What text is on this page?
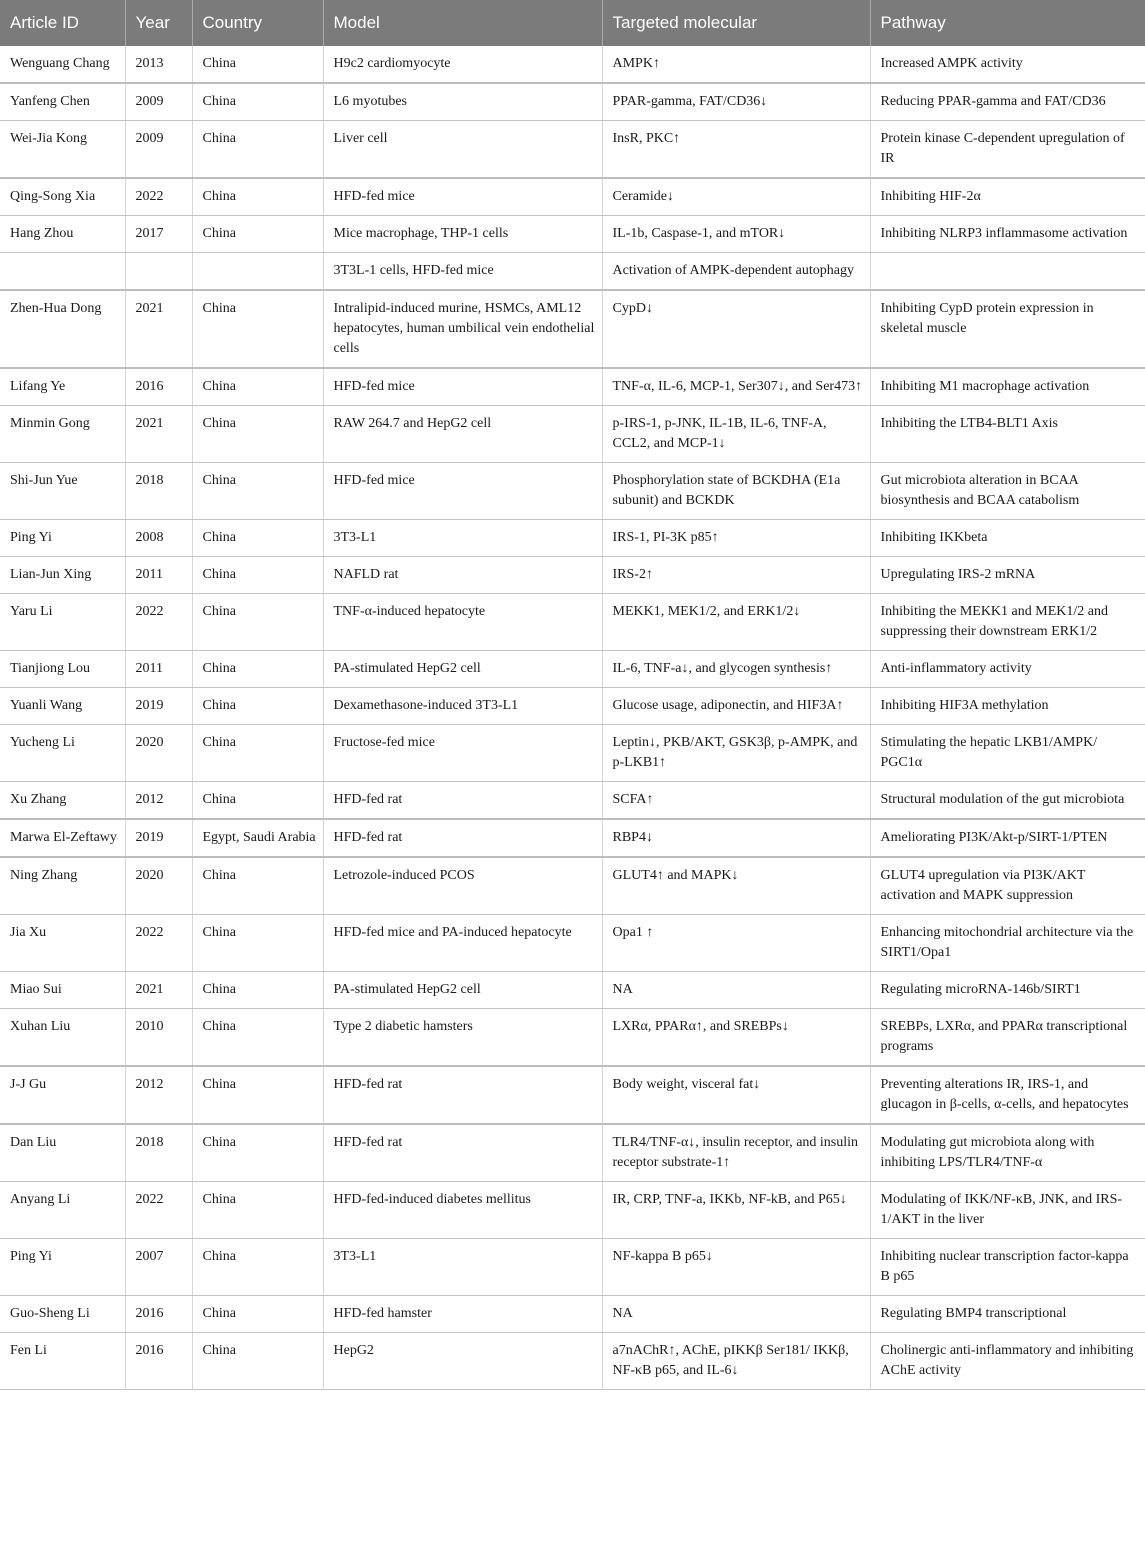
Article ID	Year	Country	Model	Targeted molecular	Pathway
Wenguang Chang	2013	China	H9c2 cardiomyocyte	AMPK↑	Increased AMPK activity
Yanfeng Chen	2009	China	L6 myotubes	PPAR-gamma, FAT/CD36↓	Reducing PPAR-gamma and FAT/CD36
Wei-Jia Kong	2009	China	Liver cell	InsR, PKC↑	Protein kinase C-dependent upregulation of IR
Qing-Song Xia	2022	China	HFD-fed mice	Ceramide↓	Inhibiting HIF-2α
Hang Zhou	2017	China	Mice macrophage, THP-1 cells	IL-1b, Caspase-1, and mTOR↓	Inhibiting NLRP3 inflammasome activation
			3T3L-1 cells, HFD-fed mice	Activation of AMPK-dependent autophagy	
Zhen-Hua Dong	2021	China	Intralipid-induced murine, HSMCs, AML12 hepatocytes, human umbilical vein endothelial cells	CypD↓	Inhibiting CypD protein expression in skeletal muscle
Lifang Ye	2016	China	HFD-fed mice	TNF-α, IL-6, MCP-1, Ser307↓, and Ser473↑	Inhibiting M1 macrophage activation
Minmin Gong	2021	China	RAW 264.7 and HepG2 cell	p-IRS-1, p-JNK, IL-1B, IL-6, TNF-A, CCL2, and MCP-1↓	Inhibiting the LTB4-BLT1 Axis
Shi-Jun Yue	2018	China	HFD-fed mice	Phosphorylation state of BCKDHA (E1a subunit) and BCKDK	Gut microbiota alteration in BCAA biosynthesis and BCAA catabolism
Ping Yi	2008	China	3T3-L1	IRS-1, PI-3K p85↑	Inhibiting IKKbeta
Lian-Jun Xing	2011	China	NAFLD rat	IRS-2↑	Upregulating IRS-2 mRNA
Yaru Li	2022	China	TNF-α-induced hepatocyte	MEKK1, MEK1/2, and ERK1/2↓	Inhibiting the MEKK1 and MEK1/2 and suppressing their downstream ERK1/2
Tianjiong Lou	2011	China	PA-stimulated HepG2 cell	IL-6, TNF-a↓, and glycogen synthesis↑	Anti-inflammatory activity
Yuanli Wang	2019	China	Dexamethasone-induced 3T3-L1	Glucose usage, adiponectin, and HIF3A↑	Inhibiting HIF3A methylation
Yucheng Li	2020	China	Fructose-fed mice	Leptin↓, PKB/AKT, GSK3β, p-AMPK, and p-LKB1↑	Stimulating the hepatic LKB1/AMPK/ PGC1α
Xu Zhang	2012	China	HFD-fed rat	SCFA↑	Structural modulation of the gut microbiota
Marwa El-Zeftawy	2019	Egypt, Saudi Arabia	HFD-fed rat	RBP4↓	Ameliorating PI3K/Akt-p/SIRT-1/PTEN
Ning Zhang	2020	China	Letrozole-induced PCOS	GLUT4↑ and MAPK↓	GLUT4 upregulation via PI3K/AKT activation and MAPK suppression
Jia Xu	2022	China	HFD-fed mice and PA-induced hepatocyte	Opa1 ↑	Enhancing mitochondrial architecture via the SIRT1/Opa1
Miao Sui	2021	China	PA-stimulated HepG2 cell	NA	Regulating microRNA-146b/SIRT1
Xuhan Liu	2010	China	Type 2 diabetic hamsters	LXRα, PPARα↑, and SREBPs↓	SREBPs, LXRα, and PPARα transcriptional programs
J-J Gu	2012	China	HFD-fed rat	Body weight, visceral fat↓	Preventing alterations IR, IRS-1, and glucagon in β-cells, α-cells, and hepatocytes
Dan Liu	2018	China	HFD-fed rat	TLR4/TNF-α↓, insulin receptor, and insulin receptor substrate-1↑	Modulating gut microbiota along with inhibiting LPS/TLR4/TNF-α
Anyang Li	2022	China	HFD-fed-induced diabetes mellitus	IR, CRP, TNF-a, IKKb, NF-kB, and P65↓	Modulating of IKK/NF-κB, JNK, and IRS-1/AKT in the liver
Ping Yi	2007	China	3T3-L1	NF-kappa B p65↓	Inhibiting nuclear transcription factor-kappa B p65
Guo-Sheng Li	2016	China	HFD-fed hamster	NA	Regulating BMP4 transcriptional
Fen Li	2016	China	HepG2	a7nAChR↑, AChE, pIKKβ Ser181/ IKKβ, NF-κB p65, and IL-6↓	Cholinergic anti-inflammatory and inhibiting AChE activity
